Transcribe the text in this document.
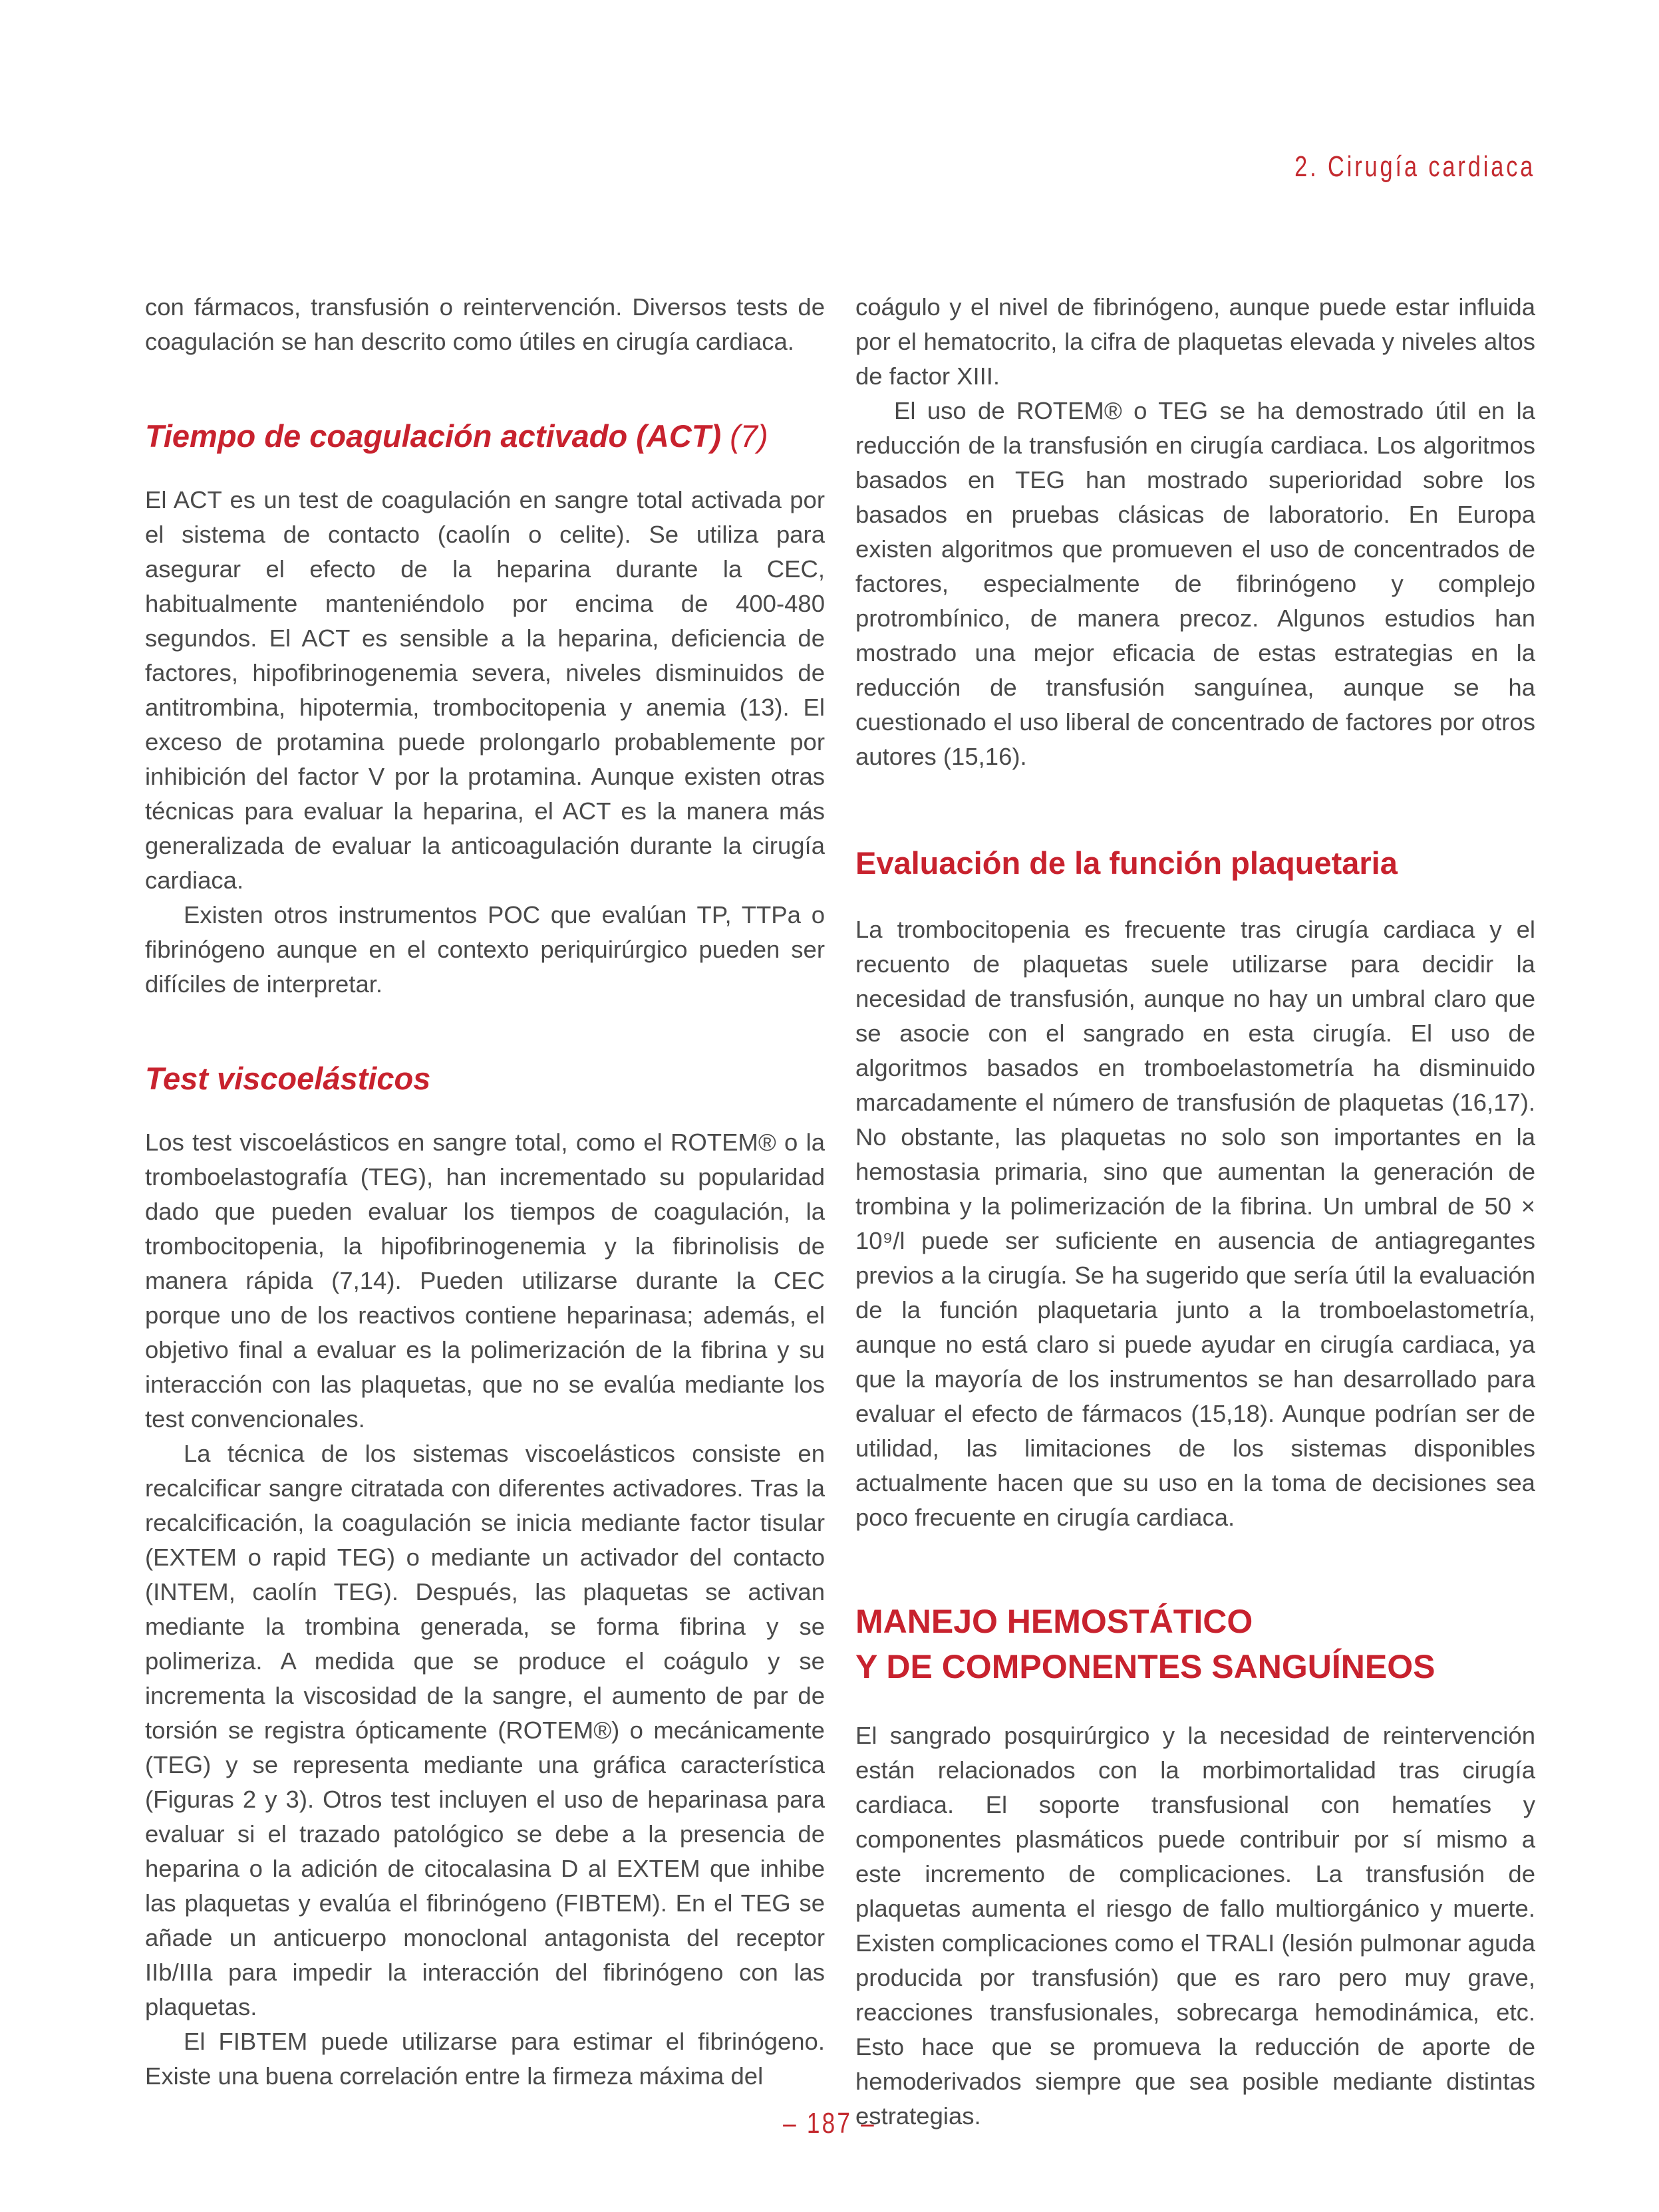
2. Cirugía cardiaca

con fármacos, transfusión o reintervención. Diversos tests de coagulación se han descrito como útiles en cirugía cardiaca.

Tiempo de coagulación activado (ACT) (7)

El ACT es un test de coagulación en sangre total activada por el sistema de contacto (caolín o celite). Se utiliza para asegurar el efecto de la heparina durante la CEC, habitualmente manteniéndolo por encima de 400-480 segundos. El ACT es sensible a la heparina, deficiencia de factores, hipofibrinogenemia severa, niveles disminuidos de antitrombina, hipotermia, trombocitopenia y anemia (13). El exceso de protamina puede prolongarlo probablemente por inhibición del factor V por la protamina. Aunque existen otras técnicas para evaluar la heparina, el ACT es la manera más generalizada de evaluar la anticoagulación durante la cirugía cardiaca.

Existen otros instrumentos POC que evalúan TP, TTPa o fibrinógeno aunque en el contexto periquirúrgico pueden ser difíciles de interpretar.

Test viscoelásticos

Los test viscoelásticos en sangre total, como el ROTEM® o la tromboelastografía (TEG), han incrementado su popularidad dado que pueden evaluar los tiempos de coagulación, la trombocitopenia, la hipofibrinogenemia y la fibrinolisis de manera rápida (7,14). Pueden utilizarse durante la CEC porque uno de los reactivos contiene heparinasa; además, el objetivo final a evaluar es la polimerización de la fibrina y su interacción con las plaquetas, que no se evalúa mediante los test convencionales.

La técnica de los sistemas viscoelásticos consiste en recalcificar sangre citratada con diferentes activadores. Tras la recalcificación, la coagulación se inicia mediante factor tisular (EXTEM o rapid TEG) o mediante un activador del contacto (INTEM, caolín TEG). Después, las plaquetas se activan mediante la trombina generada, se forma fibrina y se polimeriza. A medida que se produce el coágulo y se incrementa la viscosidad de la sangre, el aumento de par de torsión se registra ópticamente (ROTEM®) o mecánicamente (TEG) y se representa mediante una gráfica característica (Figuras 2 y 3). Otros test incluyen el uso de heparinasa para evaluar si el trazado patológico se debe a la presencia de heparina o la adición de citocalasina D al EXTEM que inhibe las plaquetas y evalúa el fibrinógeno (FIBTEM). En el TEG se añade un anticuerpo monoclonal antagonista del receptor IIb/IIIa para impedir la interacción del fibrinógeno con las plaquetas.

El FIBTEM puede utilizarse para estimar el fibrinógeno. Existe una buena correlación entre la firmeza máxima del

coágulo y el nivel de fibrinógeno, aunque puede estar influida por el hematocrito, la cifra de plaquetas elevada y niveles altos de factor XIII.

El uso de ROTEM® o TEG se ha demostrado útil en la reducción de la transfusión en cirugía cardiaca. Los algoritmos basados en TEG han mostrado superioridad sobre los basados en pruebas clásicas de laboratorio. En Europa existen algoritmos que promueven el uso de concentrados de factores, especialmente de fibrinógeno y complejo protrombínico, de manera precoz. Algunos estudios han mostrado una mejor eficacia de estas estrategias en la reducción de transfusión sanguínea, aunque se ha cuestionado el uso liberal de concentrado de factores por otros autores (15,16).

Evaluación de la función plaquetaria

La trombocitopenia es frecuente tras cirugía cardiaca y el recuento de plaquetas suele utilizarse para decidir la necesidad de transfusión, aunque no hay un umbral claro que se asocie con el sangrado en esta cirugía. El uso de algoritmos basados en tromboelastometría ha disminuido marcadamente el número de transfusión de plaquetas (16,17). No obstante, las plaquetas no solo son importantes en la hemostasia primaria, sino que aumentan la generación de trombina y la polimerización de la fibrina. Un umbral de 50 × 10⁹/l puede ser suficiente en ausencia de antiagregantes previos a la cirugía. Se ha sugerido que sería útil la evaluación de la función plaquetaria junto a la tromboelastometría, aunque no está claro si puede ayudar en cirugía cardiaca, ya que la mayoría de los instrumentos se han desarrollado para evaluar el efecto de fármacos (15,18). Aunque podrían ser de utilidad, las limitaciones de los sistemas disponibles actualmente hacen que su uso en la toma de decisiones sea poco frecuente en cirugía cardiaca.

MANEJO HEMOSTÁTICO
Y DE COMPONENTES SANGUÍNEOS

El sangrado posquirúrgico y la necesidad de reintervención están relacionados con la morbimortalidad tras cirugía cardiaca. El soporte transfusional con hematíes y componentes plasmáticos puede contribuir por sí mismo a este incremento de complicaciones. La transfusión de plaquetas aumenta el riesgo de fallo multiorgánico y muerte. Existen complicaciones como el TRALI (lesión pulmonar aguda producida por transfusión) que es raro pero muy grave, reacciones transfusionales, sobrecarga hemodinámica, etc. Esto hace que se promueva la reducción de aporte de hemoderivados siempre que sea posible mediante distintas estrategias.

– 187 –
